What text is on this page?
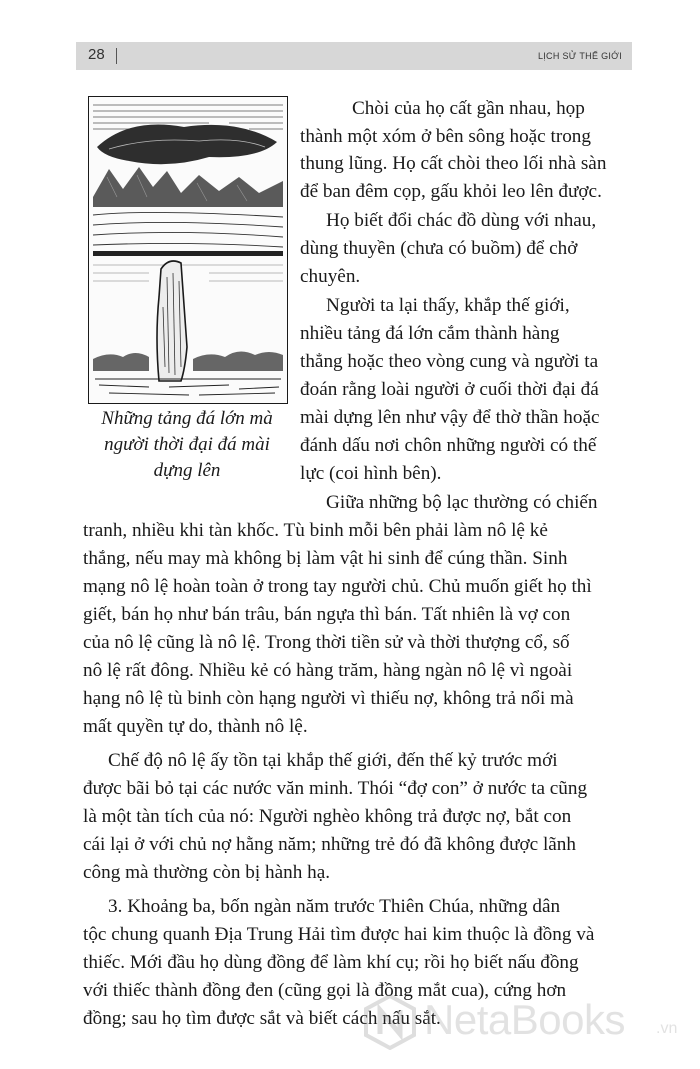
28	LỊCH SỬ THẾ GIỚI
Những tảng đá lớn mà
người thời đại đá mài
dựng lên
Chòi của họ cất gần nhau, họp
thành một xóm ở bên sông hoặc trong
thung lũng. Họ cất chòi theo lối nhà sàn
để ban đêm cọp, gấu khỏi leo lên được.
Họ biết đổi chác đồ dùng với nhau,
dùng thuyền (chưa có buồm) để chở
chuyên.
Người ta lại thấy, khắp thế giới,
nhiều tảng đá lớn cắm thành hàng
thẳng hoặc theo vòng cung và người ta
đoán rằng loài người ở cuối thời đại đá
mài dựng lên như vậy để thờ thần hoặc
đánh dấu nơi chôn những người có thế
lực (coi hình bên).
Giữa những bộ lạc thường có chiến
tranh, nhiều khi tàn khốc. Tù binh mỗi bên phải làm nô lệ kẻ
thắng, nếu may mà không bị làm vật hi sinh để cúng thần. Sinh
mạng nô lệ hoàn toàn ở trong tay người chủ. Chủ muốn giết họ thì
giết, bán họ như bán trâu, bán ngựa thì bán. Tất nhiên là vợ con
của nô lệ cũng là nô lệ. Trong thời tiền sử và thời thượng cổ, số
nô lệ rất đông. Nhiều kẻ có hàng trăm, hàng ngàn nô lệ vì ngoài
hạng nô lệ tù binh còn hạng người vì thiếu nợ, không trả nổi mà
mất quyền tự do, thành nô lệ.
Chế độ nô lệ ấy tồn tại khắp thế giới, đến thế kỷ trước mới
được bãi bỏ tại các nước văn minh. Thói “đợ con” ở nước ta cũng
là một tàn tích của nó: Người nghèo không trả được nợ, bắt con
cái lại ở với chủ nợ hằng năm; những trẻ đó đã không được lãnh
công mà thường còn bị hành hạ.
3. Khoảng ba, bốn ngàn năm trước Thiên Chúa, những dân
tộc chung quanh Địa Trung Hải tìm được hai kim thuộc là đồng và
thiếc. Mới đầu họ dùng đồng để làm khí cụ; rồi họ biết nấu đồng
với thiếc thành đồng đen (cũng gọi là đồng mắt cua), cứng hơn
đồng; sau họ tìm được sắt và biết cách nấu sắt.
NetaBooks .vn
